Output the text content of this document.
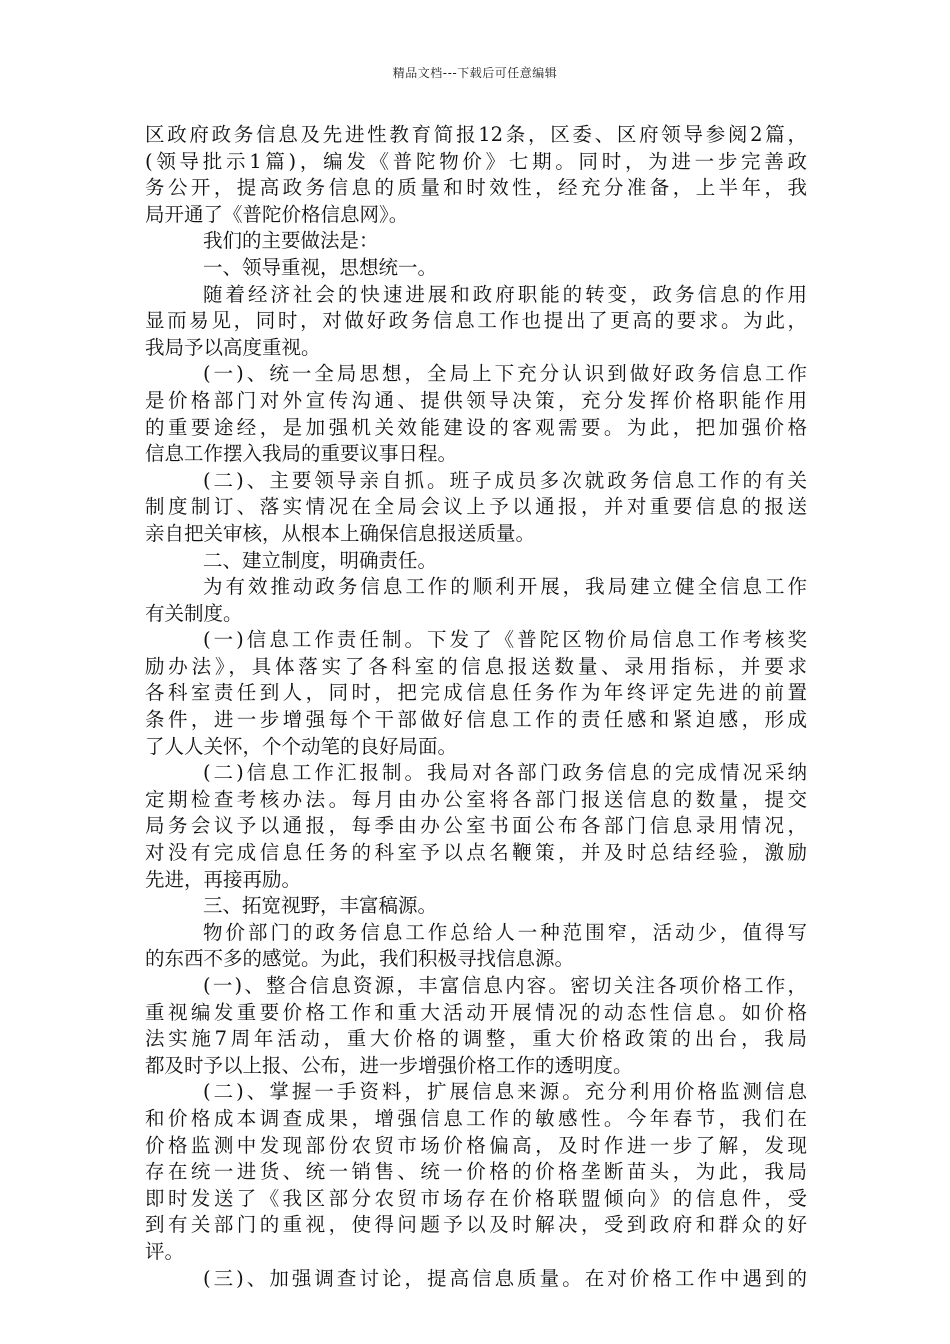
精品文档---下载后可任意编辑
区政府政务信息及先进性教育简报12条，区委、区府领导参阅2篇，
(领导批示1篇)，编发《普陀物价》七期。同时，为进一步完善政
务公开，提高政务信息的质量和时效性，经充分准备，上半年，我
局开通了《普陀价格信息网》。
我们的主要做法是：
一、领导重视，思想统一。
随着经济社会的快速进展和政府职能的转变，政务信息的作用
显而易见，同时，对做好政务信息工作也提出了更高的要求。为此，
我局予以高度重视。
(一)、统一全局思想，全局上下充分认识到做好政务信息工作
是价格部门对外宣传沟通、提供领导决策，充分发挥价格职能作用
的重要途经，是加强机关效能建设的客观需要。为此，把加强价格
信息工作摆入我局的重要议事日程。
(二)、主要领导亲自抓。班子成员多次就政务信息工作的有关
制度制订、落实情况在全局会议上予以通报，并对重要信息的报送
亲自把关审核，从根本上确保信息报送质量。
二、建立制度，明确责任。
为有效推动政务信息工作的顺利开展，我局建立健全信息工作
有关制度。
(一)信息工作责任制。下发了《普陀区物价局信息工作考核奖
励办法》，具体落实了各科室的信息报送数量、录用指标，并要求
各科室责任到人，同时，把完成信息任务作为年终评定先进的前置
条件，进一步增强每个干部做好信息工作的责任感和紧迫感，形成
了人人关怀，个个动笔的良好局面。
(二)信息工作汇报制。我局对各部门政务信息的完成情况采纳
定期检查考核办法。每月由办公室将各部门报送信息的数量，提交
局务会议予以通报，每季由办公室书面公布各部门信息录用情况，
对没有完成信息任务的科室予以点名鞭策，并及时总结经验，激励
先进，再接再励。
三、拓宽视野，丰富稿源。
物价部门的政务信息工作总给人一种范围窄，活动少，值得写
的东西不多的感觉。为此，我们积极寻找信息源。
(一)、整合信息资源，丰富信息内容。密切关注各项价格工作，
重视编发重要价格工作和重大活动开展情况的动态性信息。如价格
法实施7周年活动，重大价格的调整，重大价格政策的出台，我局
都及时予以上报、公布，进一步增强价格工作的透明度。
(二)、掌握一手资料，扩展信息来源。充分利用价格监测信息
和价格成本调查成果，增强信息工作的敏感性。今年春节，我们在
价格监测中发现部份农贸市场价格偏高，及时作进一步了解，发现
存在统一进货、统一销售、统一价格的价格垄断苗头，为此，我局
即时发送了《我区部分农贸市场存在价格联盟倾向》的信息件，受
到有关部门的重视，使得问题予以及时解决，受到政府和群众的好
评。
(三)、加强调查讨论，提高信息质量。在对价格工作中遇到的
